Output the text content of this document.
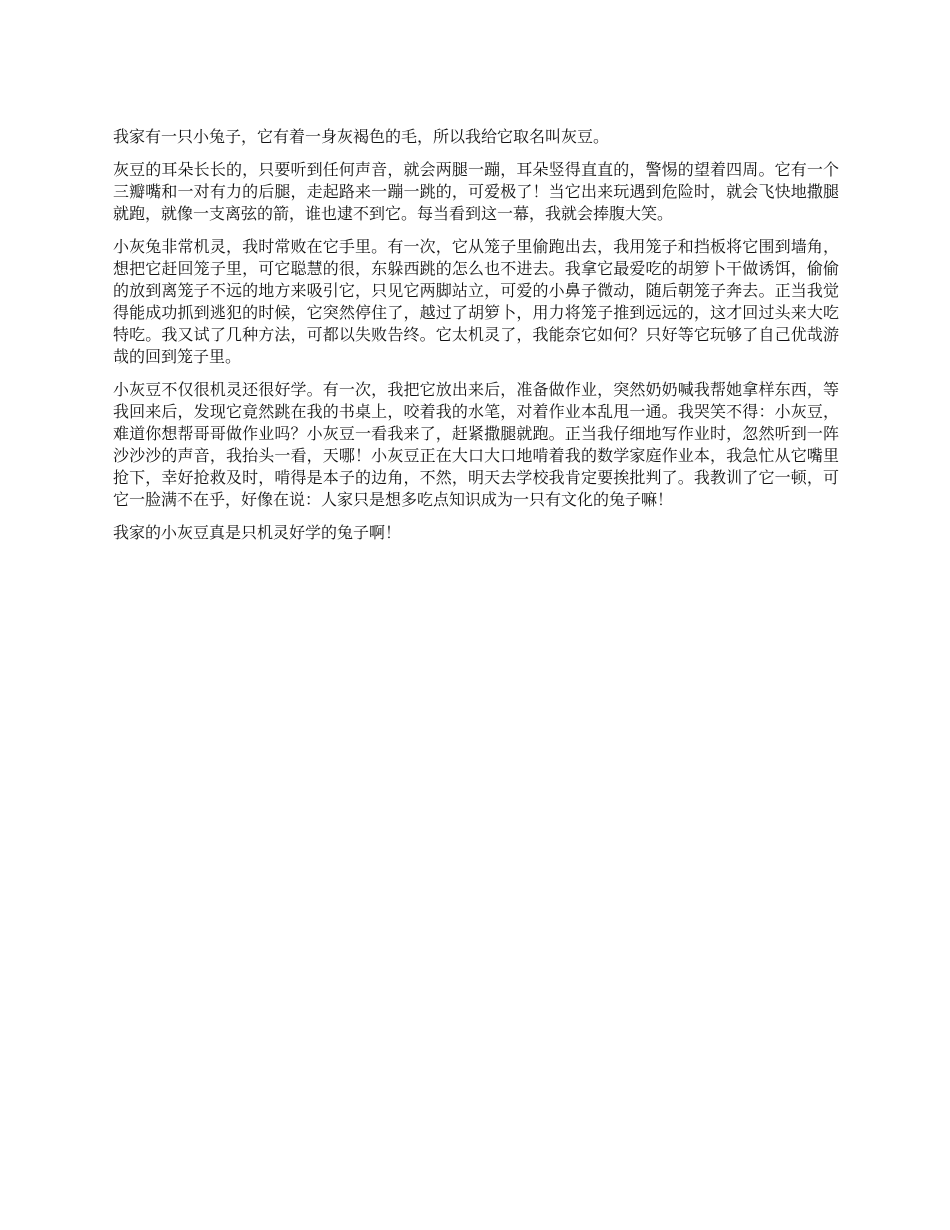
我家有一只小兔子，它有着一身灰褐色的毛，所以我给它取名叫灰豆。

灰豆的耳朵长长的，只要听到任何声音，就会两腿一蹦，耳朵竖得直直的，警惕的望着四周。它有一个三瓣嘴和一对有力的后腿，走起路来一蹦一跳的，可爱极了！当它出来玩遇到危险时，就会飞快地撒腿就跑，就像一支离弦的箭，谁也逮不到它。每当看到这一幕，我就会捧腹大笑。

小灰兔非常机灵，我时常败在它手里。有一次，它从笼子里偷跑出去，我用笼子和挡板将它围到墙角，想把它赶回笼子里，可它聪慧的很，东躲西跳的怎么也不进去。我拿它最爱吃的胡箩卜干做诱饵，偷偷的放到离笼子不远的地方来吸引它，只见它两脚站立，可爱的小鼻子微动，随后朝笼子奔去。正当我觉得能成功抓到逃犯的时候，它突然停住了，越过了胡箩卜，用力将笼子推到远远的，这才回过头来大吃特吃。我又试了几种方法，可都以失败告终。它太机灵了，我能奈它如何？只好等它玩够了自己优哉游哉的回到笼子里。

小灰豆不仅很机灵还很好学。有一次，我把它放出来后，准备做作业，突然奶奶喊我帮她拿样东西，等我回来后，发现它竟然跳在我的书桌上，咬着我的水笔，对着作业本乱甩一通。我哭笑不得：小灰豆，难道你想帮哥哥做作业吗？小灰豆一看我来了，赶紧撒腿就跑。正当我仔细地写作业时，忽然听到一阵沙沙沙的声音，我抬头一看，天哪！小灰豆正在大口大口地啃着我的数学家庭作业本，我急忙从它嘴里抢下，幸好抢救及时，啃得是本子的边角，不然，明天去学校我肯定要挨批判了。我教训了它一顿，可它一脸满不在乎，好像在说：人家只是想多吃点知识成为一只有文化的兔子嘛！

我家的小灰豆真是只机灵好学的兔子啊！
